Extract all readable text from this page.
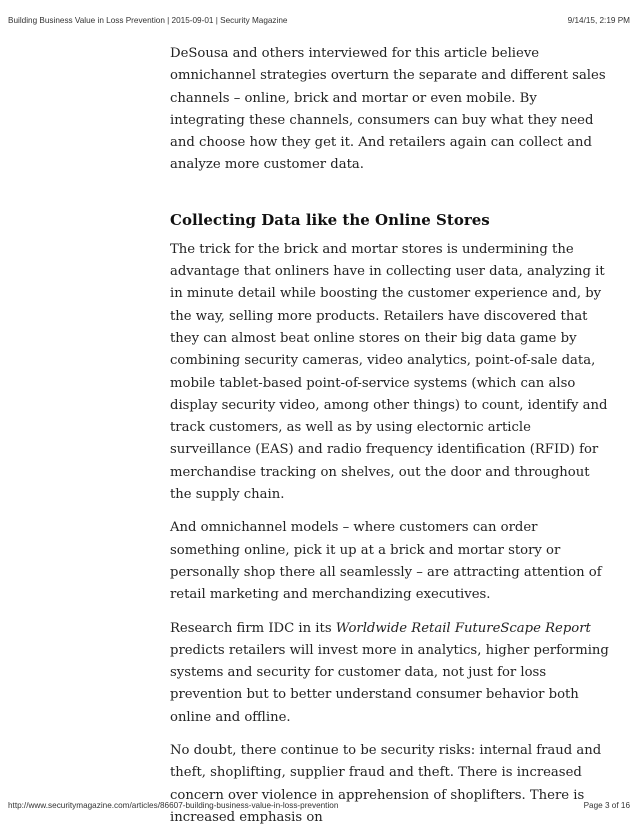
Building Business Value in Loss Prevention | 2015-09-01 | Security Magazine	9/14/15, 2:19 PM

DeSousa and others interviewed for this article believe omnichannel strategies overturn the separate and different sales channels – online, brick and mortar or even mobile. By integrating these channels, consumers can buy what they need and choose how they get it. And retailers again can collect and analyze more customer data.

Collecting Data like the Online Stores

The trick for the brick and mortar stores is undermining the advantage that onliners have in collecting user data, analyzing it in minute detail while boosting the customer experience and, by the way, selling more products. Retailers have discovered that they can almost beat online stores on their big data game by combining security cameras, video analytics, point-of-sale data, mobile tablet-based point-of-service systems (which can also display security video, among other things) to count, identify and track customers, as well as by using electornic article surveillance (EAS) and radio frequency identification (RFID) for merchandise tracking on shelves, out the door and throughout the supply chain.

And omnichannel models – where customers can order something online, pick it up at a brick and mortar story or personally shop there all seamlessly – are attracting attention of retail marketing and merchandizing executives.

Research firm IDC in its Worldwide Retail FutureScape Report predicts retailers will invest more in analytics, higher performing systems and security for customer data, not just for loss prevention but to better understand consumer behavior both online and offline.

No doubt, there continue to be security risks: internal fraud and theft, shoplifting, supplier fraud and theft. There is increased concern over violence in apprehension of shoplifters. There is increased emphasis on

http://www.securitymagazine.com/articles/86607-building-business-value-in-loss-prevention	Page 3 of 16
